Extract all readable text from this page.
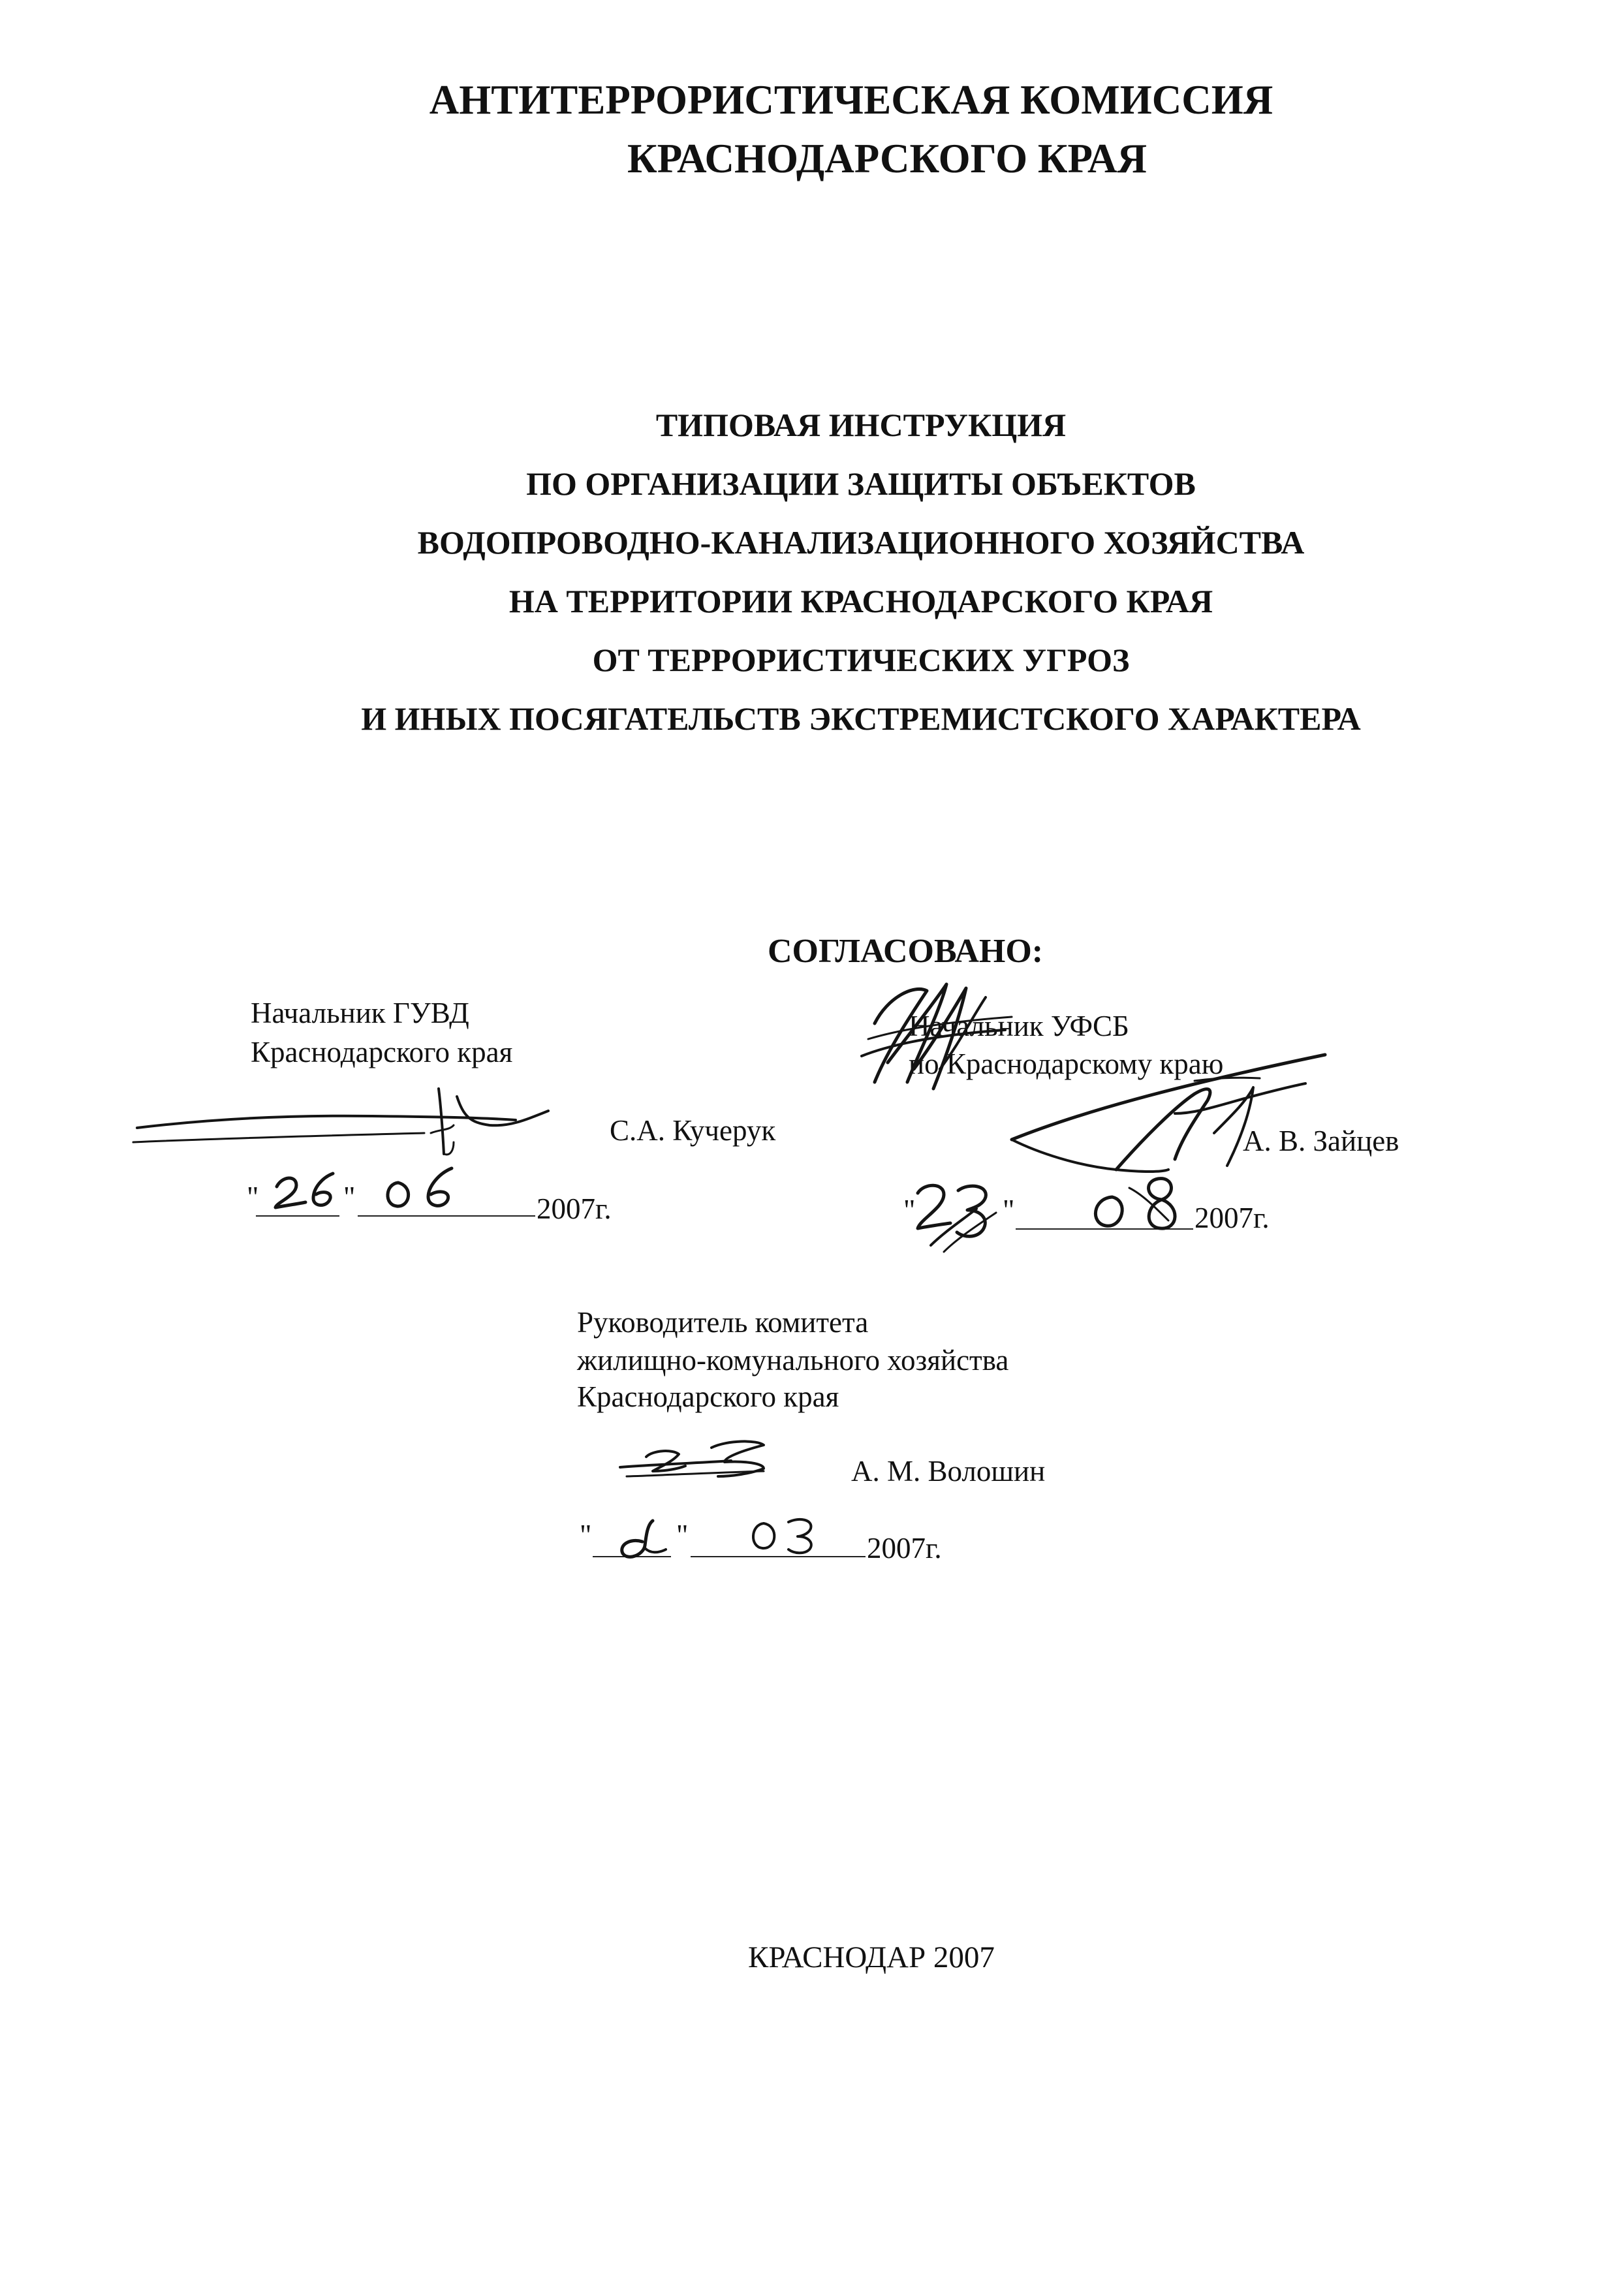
АНТИТЕРРОРИСТИЧЕСКАЯ КОМИССИЯ
КРАСНОДАРСКОГО КРАЯ
ТИПОВАЯ ИНСТРУКЦИЯ
ПО ОРГАНИЗАЦИИ ЗАЩИТЫ ОБЪЕКТОВ
ВОДОПРОВОДНО-КАНАЛИЗАЦИОННОГО ХОЗЯЙСТВА
НА ТЕРРИТОРИИ КРАСНОДАРСКОГО КРАЯ
ОТ ТЕРРОРИСТИЧЕСКИХ УГРОЗ
И ИНЫХ ПОСЯГАТЕЛЬСТВ ЭКСТРЕМИСТСКОГО ХАРАКТЕРА
СОГЛАСОВАНО:
Начальник ГУВД
Краснодарского края
С.А. Кучерук
"	"	2007г.
Начальник УФСБ
по Краснодарскому краю
А. В. Зайцев
"	"	2007г.
Руководитель комитета
жилищно-комунального хозяйства
Краснодарского края
А. М. Волошин
"	"	2007г.
КРАСНОДАР 2007
